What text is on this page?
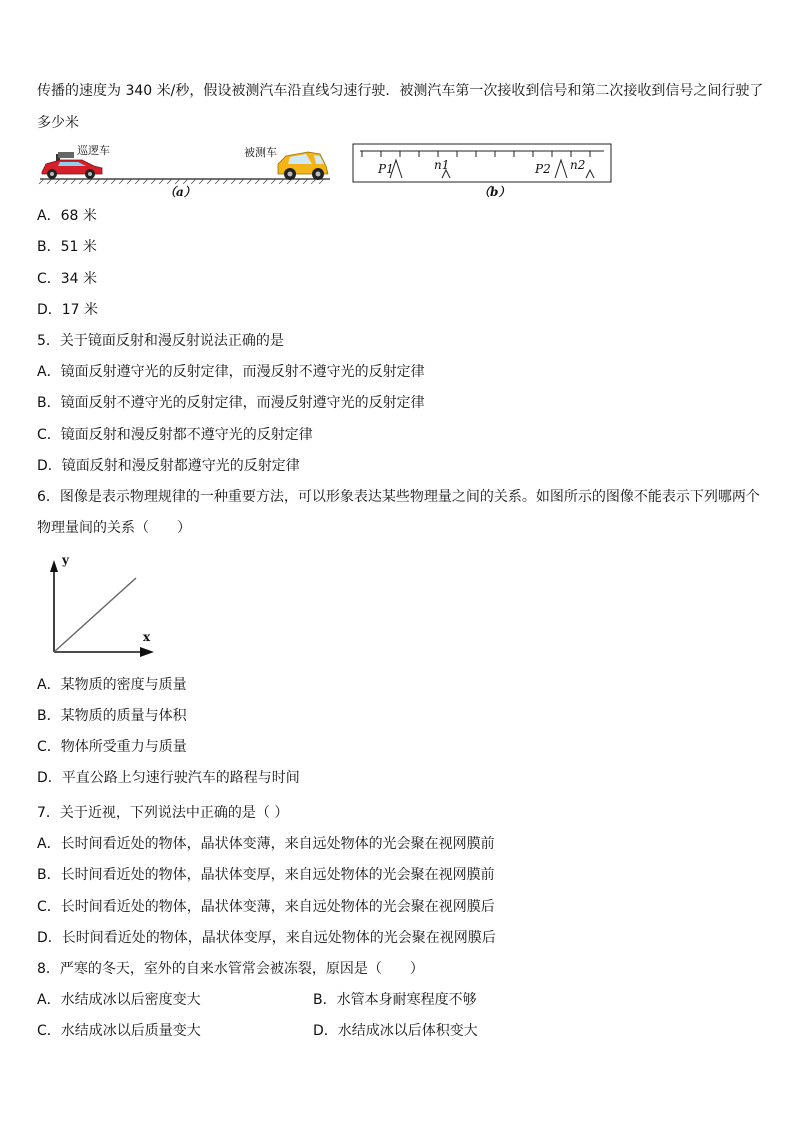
传播的速度为 340 米/秒，假设被测汽车沿直线匀速行驶．被测汽车第一次接收到信号和第二次接收到信号之间行驶了
多少米
巡逻车	被测车
（a）
P1	n1	P2 n2
（b）
A．68 米
B．51 米
C．34 米
D．17 米
5．关于镜面反射和漫反射说法正确的是
A．镜面反射遵守光的反射定律，而漫反射不遵守光的反射定律
B．镜面反射不遵守光的反射定律，而漫反射遵守光的反射定律
C．镜面反射和漫反射都不遵守光的反射定律
D．镜面反射和漫反射都遵守光的反射定律
6．图像是表示物理规律的一种重要方法，可以形象表达某些物理量之间的关系。如图所示的图像不能表示下列哪两个
物理量间的关系（　　）
y
x
A．某物质的密度与质量
B．某物质的质量与体积
C．物体所受重力与质量
D．平直公路上匀速行驶汽车的路程与时间
7．关于近视，下列说法中正确的是（ ）
A．长时间看近处的物体，晶状体变薄，来自远处物体的光会聚在视网膜前
B．长时间看近处的物体，晶状体变厚，来自远处物体的光会聚在视网膜前
C．长时间看近处的物体，晶状体变薄，来自远处物体的光会聚在视网膜后
D．长时间看近处的物体，晶状体变厚，来自远处物体的光会聚在视网膜后
8．严寒的冬天，室外的自来水管常会被冻裂，原因是（　　）
A．水结成冰以后密度变大	B．水管本身耐寒程度不够
C．水结成冰以后质量变大	D．水结成冰以后体积变大
